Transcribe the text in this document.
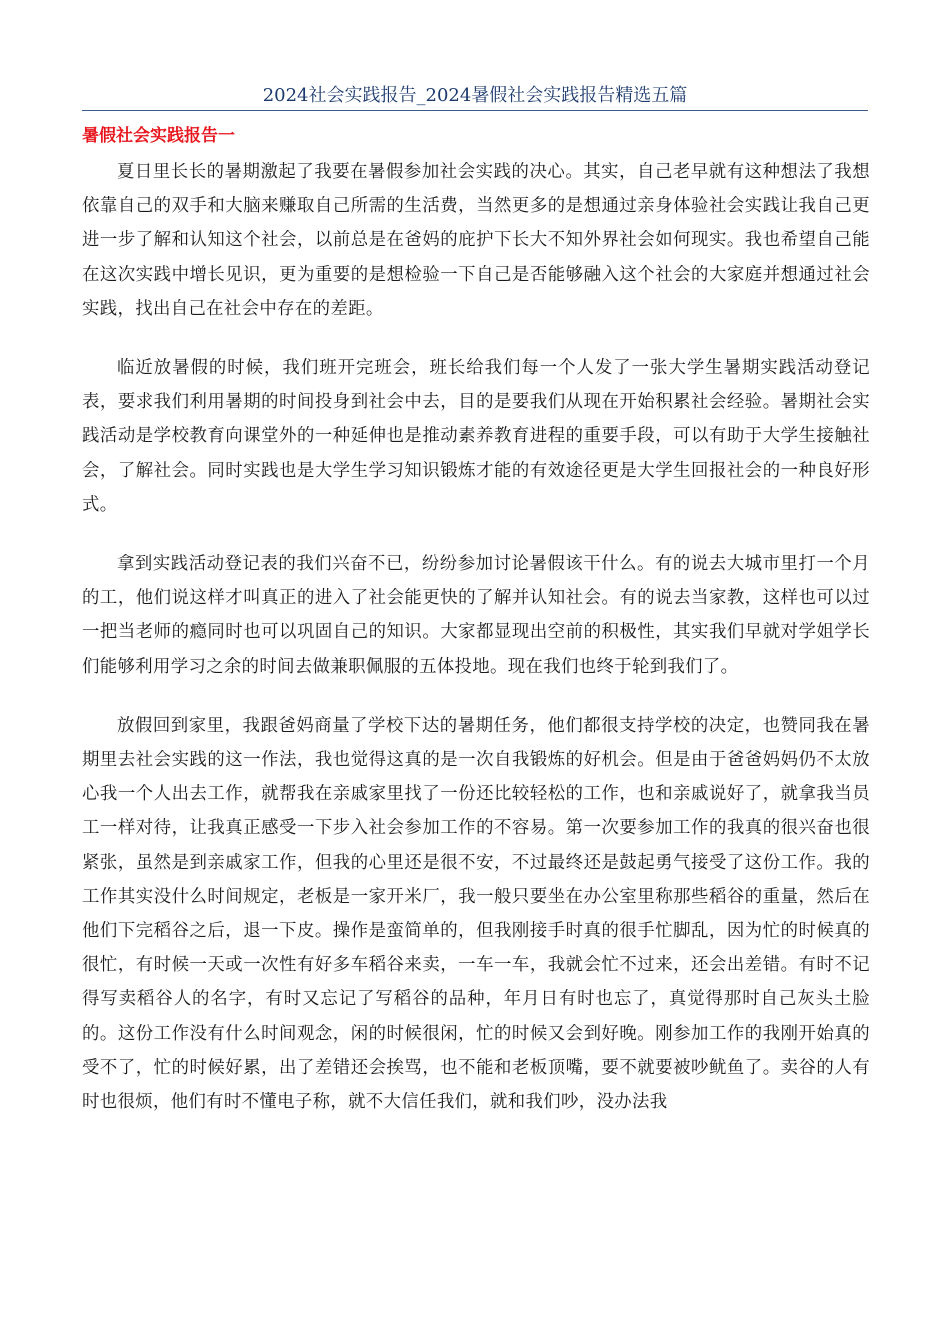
2024社会实践报告_2024暑假社会实践报告精选五篇
暑假社会实践报告一

夏日里长长的暑期激起了我要在暑假参加社会实践的决心。其实，自己老早就有这种想法了我想依靠自己的双手和大脑来赚取自己所需的生活费，当然更多的是想通过亲身体验社会实践让我自己更进一步了解和认知这个社会，以前总是在爸妈的庇护下长大不知外界社会如何现实。我也希望自己能在这次实践中增长见识，更为重要的是想检验一下自己是否能够融入这个社会的大家庭并想通过社会实践，找出自己在社会中存在的差距。

临近放暑假的时候，我们班开完班会，班长给我们每一个人发了一张大学生暑期实践活动登记表，要求我们利用暑期的时间投身到社会中去，目的是要我们从现在开始积累社会经验。暑期社会实践活动是学校教育向课堂外的一种延伸也是推动素养教育进程的重要手段，可以有助于大学生接触社会，了解社会。同时实践也是大学生学习知识锻炼才能的有效途径更是大学生回报社会的一种良好形式。

拿到实践活动登记表的我们兴奋不已，纷纷参加讨论暑假该干什么。有的说去大城市里打一个月的工，他们说这样才叫真正的进入了社会能更快的了解并认知社会。有的说去当家教，这样也可以过一把当老师的瘾同时也可以巩固自己的知识。大家都显现出空前的积极性，其实我们早就对学姐学长们能够利用学习之余的时间去做兼职佩服的五体投地。现在我们也终于轮到我们了。

放假回到家里，我跟爸妈商量了学校下达的暑期任务，他们都很支持学校的决定，也赞同我在暑期里去社会实践的这一作法，我也觉得这真的是一次自我锻炼的好机会。但是由于爸爸妈妈仍不太放心我一个人出去工作，就帮我在亲戚家里找了一份还比较轻松的工作，也和亲戚说好了，就拿我当员工一样对待，让我真正感受一下步入社会参加工作的不容易。第一次要参加工作的我真的很兴奋也很紧张，虽然是到亲戚家工作，但我的心里还是很不安，不过最终还是鼓起勇气接受了这份工作。我的工作其实没什么时间规定，老板是一家开米厂，我一般只要坐在办公室里称那些稻谷的重量，然后在他们下完稻谷之后，退一下皮。操作是蛮简单的，但我刚接手时真的很手忙脚乱，因为忙的时候真的很忙，有时候一天或一次性有好多车稻谷来卖，一车一车，我就会忙不过来，还会出差错。有时不记得写卖稻谷人的名字，有时又忘记了写稻谷的品种，年月日有时也忘了，真觉得那时自己灰头土脸的。这份工作没有什么时间观念，闲的时候很闲，忙的时候又会到好晚。刚参加工作的我刚开始真的受不了，忙的时候好累，出了差错还会挨骂，也不能和老板顶嘴，要不就要被吵鱿鱼了。卖谷的人有时也很烦，他们有时不懂电子称，就不大信任我们，就和我们吵，没办法我
